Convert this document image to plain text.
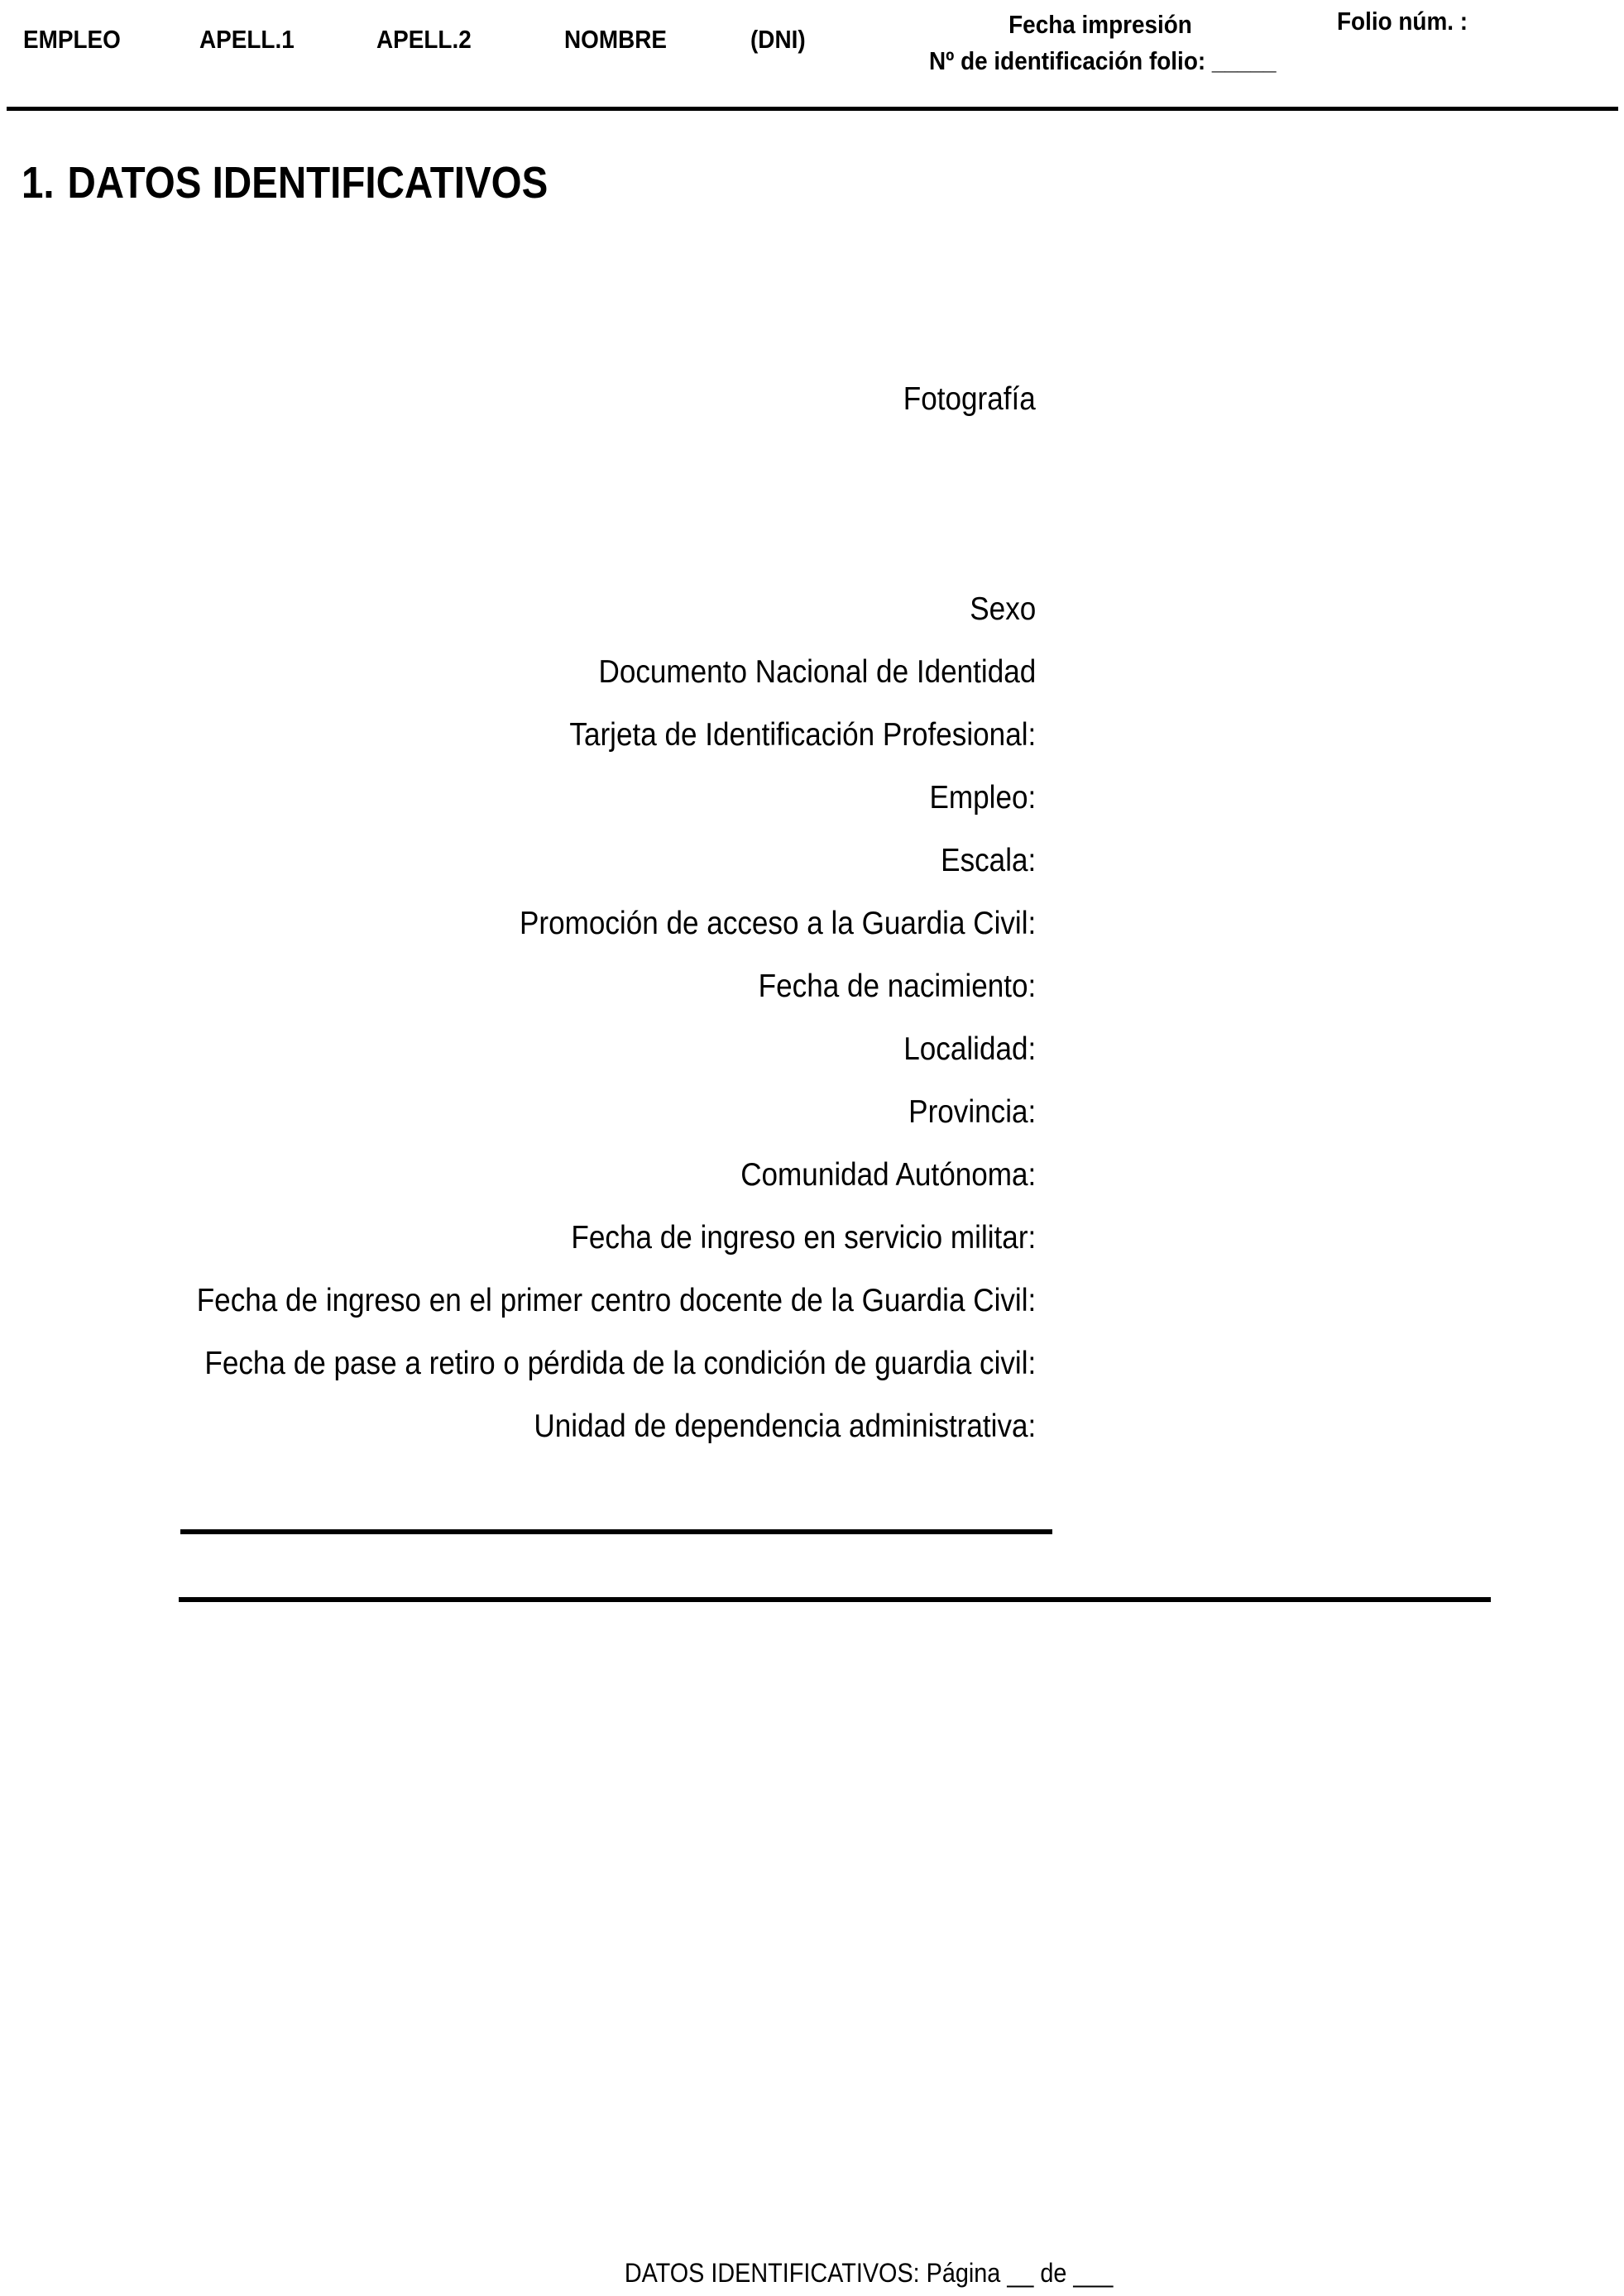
EMPLEO	APELL.1	APELL.2	NOMBRE	(DNI)
Fecha impresión
Nº de identificación folio: _____
Folio núm. :
1. DATOS IDENTIFICATIVOS
Fotografía
Sexo
Documento Nacional de Identidad
Tarjeta de Identificación Profesional:
Empleo:
Escala:
Promoción de acceso a la Guardia Civil:
Fecha de nacimiento:
Localidad:
Provincia:
Comunidad Autónoma:
Fecha de ingreso en servicio militar:
Fecha de ingreso en el primer centro docente de la Guardia Civil:
Fecha de pase a retiro o pérdida de la condición de guardia civil:
Unidad de dependencia administrativa:
DATOS IDENTIFICATIVOS: Página __ de ___
